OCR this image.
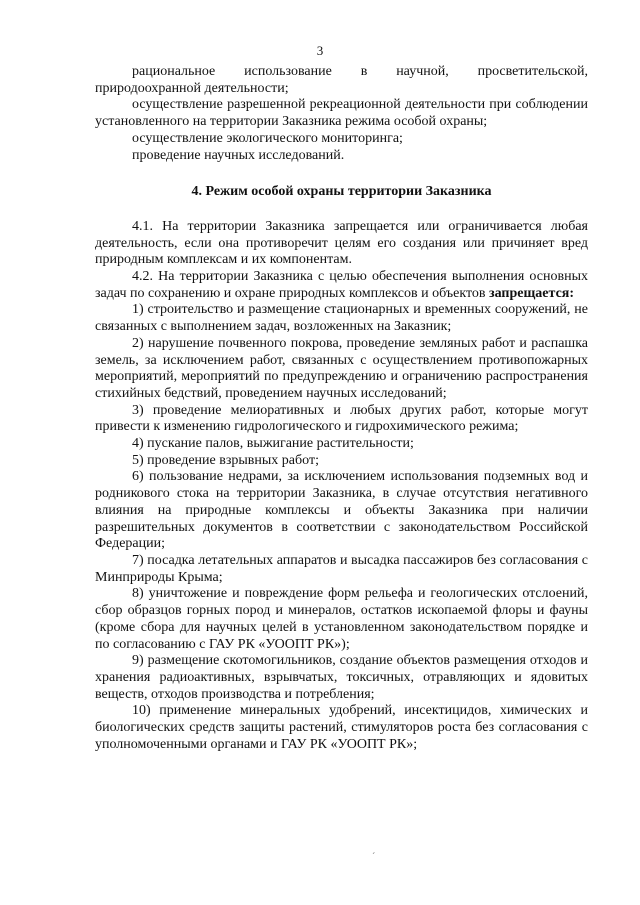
3

рациональное использование в научной, просветительской, природоохранной деятельности;

осуществление разрешенной рекреационной деятельности при соблюдении установленного на территории Заказника режима особой охраны;

осуществление экологического мониторинга;

проведение научных исследований.

4. Режим особой охраны территории Заказника

4.1. На территории Заказника запрещается или ограничивается любая деятельность, если она противоречит целям его создания или причиняет вред природным комплексам и их компонентам.

4.2. На территории Заказника с целью обеспечения выполнения основных задач по сохранению и охране природных комплексов и объектов запрещается:

1) строительство и размещение стационарных и временных сооружений, не связанных с выполнением задач, возложенных на Заказник;

2) нарушение почвенного покрова, проведение земляных работ и распашка земель, за исключением работ, связанных с осуществлением противопожарных мероприятий, мероприятий по предупреждению и ограничению распространения стихийных бедствий, проведением научных исследований;

3) проведение мелиоративных и любых других работ, которые могут привести к изменению гидрологического и гидрохимического режима;

4) пускание палов, выжигание растительности;

5) проведение взрывных работ;

6) пользование недрами, за исключением использования подземных вод и родникового стока на территории Заказника, в случае отсутствия негативного влияния на природные комплексы и объекты Заказника при наличии разрешительных документов в соответствии с законодательством Российской Федерации;

7) посадка летательных аппаратов и высадка пассажиров без согласования с Минприроды Крыма;

8) уничтожение и повреждение форм рельефа и геологических отслоений, сбор образцов горных пород и минералов, остатков ископаемой флоры и фауны (кроме сбора для научных целей в установленном законодательством порядке и по согласованию с ГАУ РК «УООПТ РК»);

9) размещение скотомогильников, создание объектов размещения отходов и хранения радиоактивных, взрывчатых, токсичных, отравляющих и ядовитых веществ, отходов производства и потребления;

10) применение минеральных удобрений, инсектицидов, химических и биологических средств защиты растений, стимуляторов роста без согласования с уполномоченными органами и ГАУ РК «УООПТ РК»;

´
